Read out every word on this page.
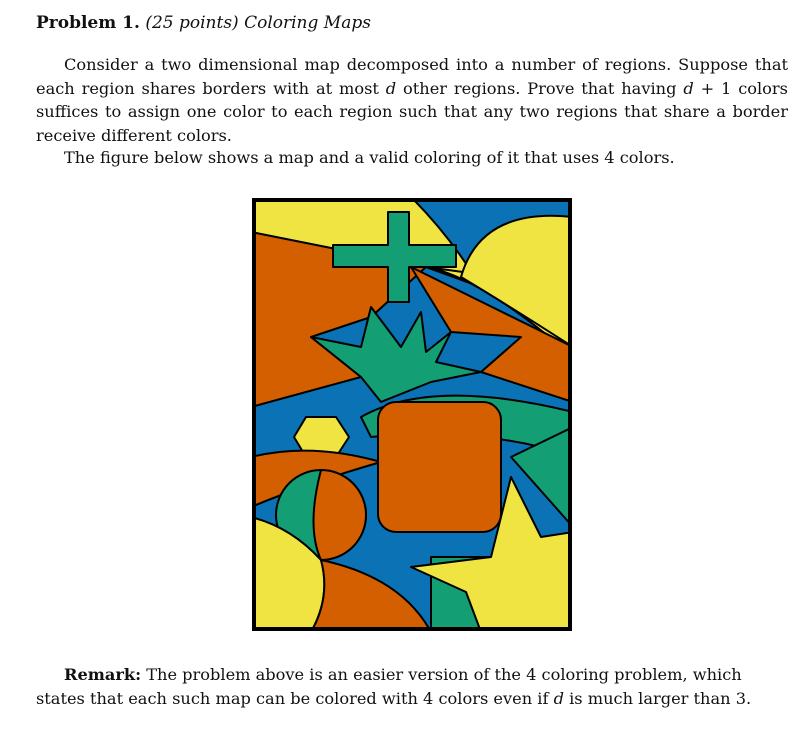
Problem 1. (25 points) Coloring Maps

Consider a two dimensional map decomposed into a number of regions. Suppose that each region shares borders with at most d other regions. Prove that having d + 1 colors suffices to assign one color to each region such that any two regions that share a border receive different colors.

The figure below shows a map and a valid coloring of it that uses 4 colors.

Remark: The problem above is an easier version of the 4 coloring problem, which states that each such map can be colored with 4 colors even if d is much larger than 3.
